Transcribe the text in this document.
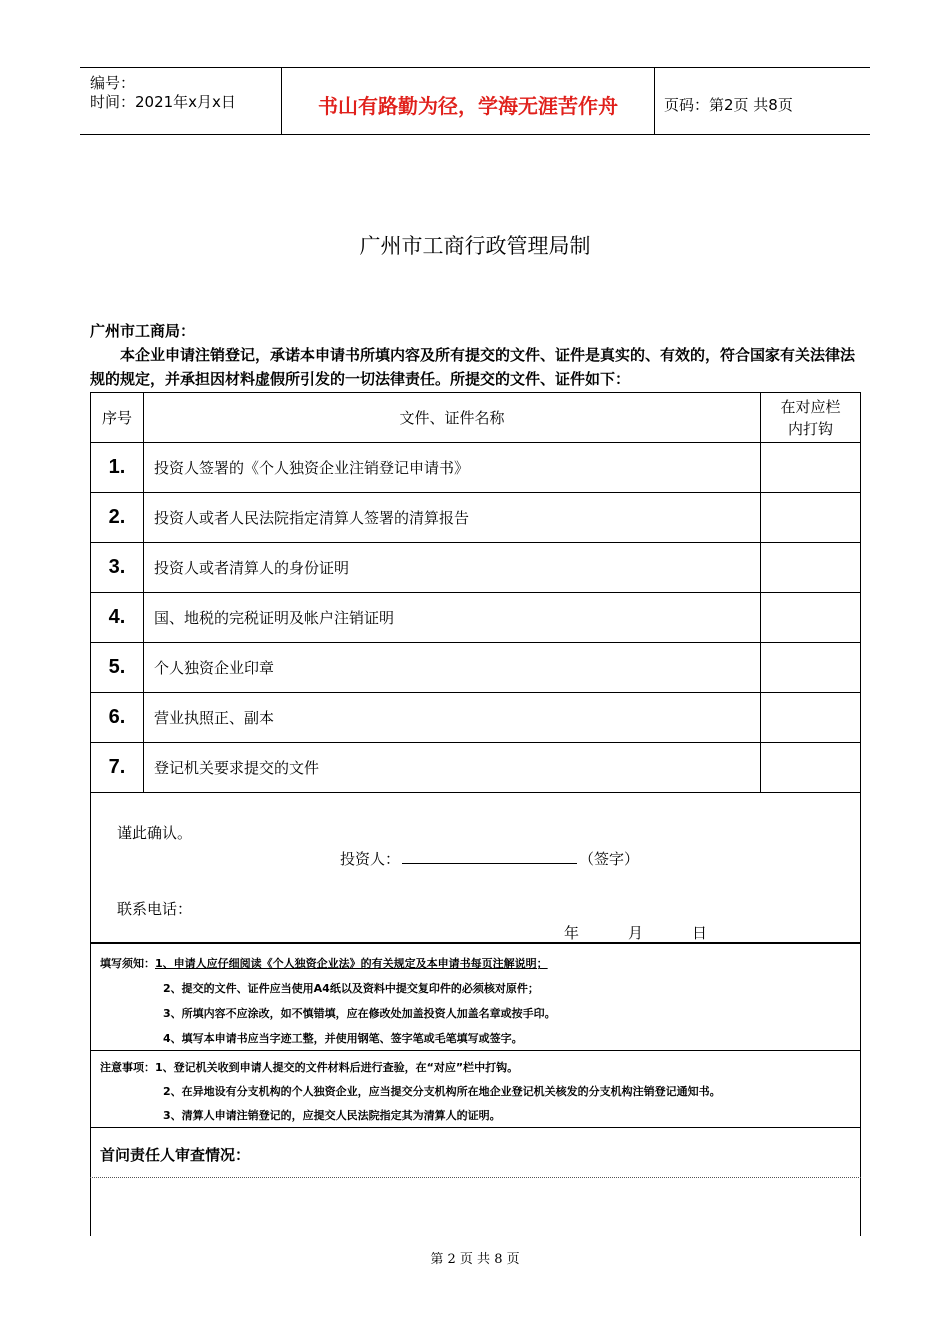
编号：
时间：2021年x月x日	书山有路勤为径，学海无涯苦作舟	页码：第2页 共8页
广州市工商行政管理局制
广州市工商局：
本企业申请注销登记，承诺本申请书所填内容及所有提交的文件、证件是真实的、有效的，符合国家有关法律法规的规定，并承担因材料虚假所引发的一切法律责任。所提交的文件、证件如下：
序号	文件、证件名称	在对应栏内打钩

1.	投资人签署的《个人独资企业注销登记申请书》	
2.	投资人或者人民法院指定清算人签署的清算报告	
3.	投资人或者清算人的身份证明	
4.	国、地税的完税证明及帐户注销证明	
5.	个人独资企业印章	
6.	营业执照正、副本	
7.	登记机关要求提交的文件	
谨此确认。
投资人：	（签字）
联系电话：
年	月	日
填写须知：1、申请人应仔细阅读《个人独资企业法》的有关规定及本申请书每页注解说明；
2、提交的文件、证件应当使用A4纸以及资料中提交复印件的必须核对原件；
3、所填内容不应涂改，如不慎错填，应在修改处加盖投资人加盖名章或按手印。
4、填写本申请书应当字迹工整，并使用钢笔、签字笔或毛笔填写或签字。
注意事项：1、登记机关收到申请人提交的文件材料后进行查验，在“对应”栏中打钩。
2、在异地设有分支机构的个人独资企业，应当提交分支机构所在地企业登记机关核发的分支机构注销登记通知书。
3、清算人申请注销登记的，应提交人民法院指定其为清算人的证明。
首问责任人审查情况：
第 2 页 共 8 页
